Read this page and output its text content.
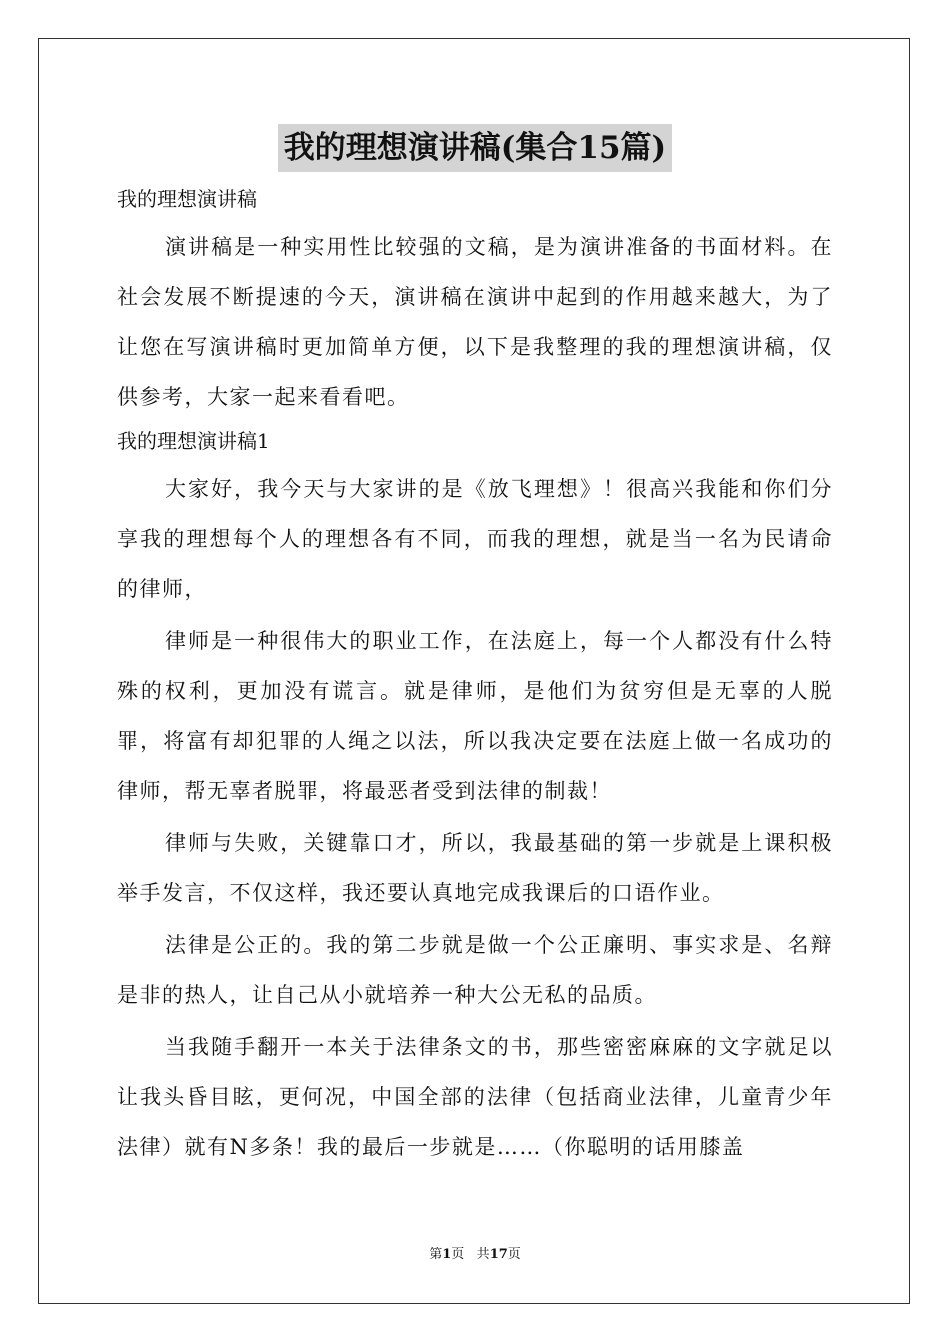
我的理想演讲稿(集合15篇)
我的理想演讲稿

演讲稿是一种实用性比较强的文稿，是为演讲准备的书面材料。在社会发展不断提速的今天，演讲稿在演讲中起到的作用越来越大，为了让您在写演讲稿时更加简单方便，以下是我整理的我的理想演讲稿，仅供参考，大家一起来看看吧。

我的理想演讲稿1

大家好，我今天与大家讲的是《放飞理想》！很高兴我能和你们分享我的理想每个人的理想各有不同，而我的理想，就是当一名为民请命的律师，

律师是一种很伟大的职业工作，在法庭上，每一个人都没有什么特殊的权利，更加没有谎言。就是律师，是他们为贫穷但是无辜的人脱罪，将富有却犯罪的人绳之以法，所以我决定要在法庭上做一名成功的律师，帮无辜者脱罪，将最恶者受到法律的制裁！

律师与失败，关键靠口才，所以，我最基础的第一步就是上课积极举手发言，不仅这样，我还要认真地完成我课后的口语作业。

法律是公正的。我的第二步就是做一个公正廉明、事实求是、名辩是非的热人，让自己从小就培养一种大公无私的品质。

当我随手翻开一本关于法律条文的书，那些密密麻麻的文字就足以让我头昏目眩，更何况，中国全部的法律（包括商业法律，儿童青少年法律）就有N多条！我的最后一步就是……（你聪明的话用膝盖

第1页 共17页
